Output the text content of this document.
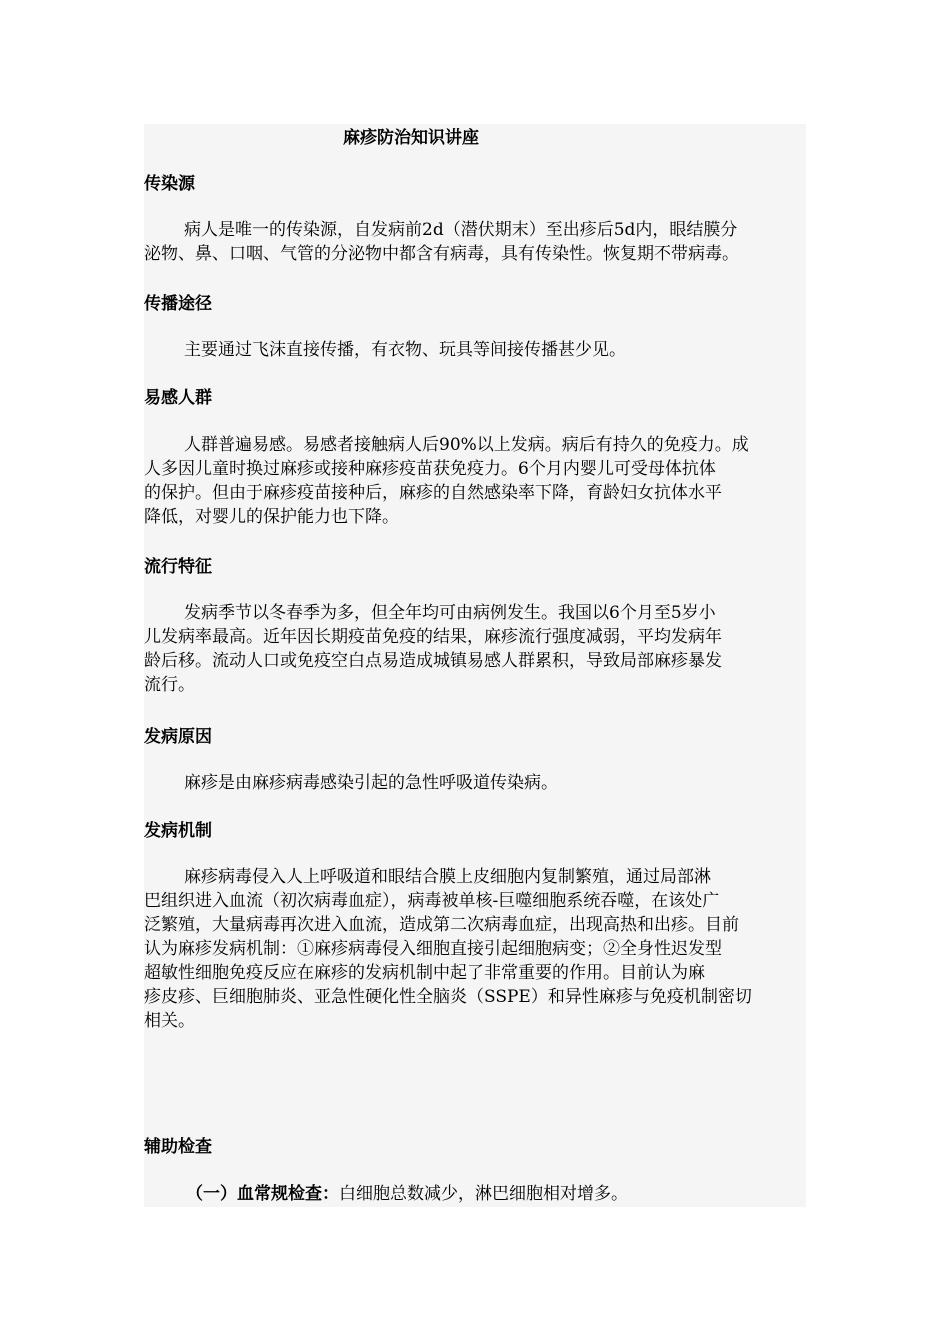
麻疹防治知识讲座
传染源
病人是唯一的传染源，自发病前2d（潜伏期末）至出疹后5d内，眼结膜分
泌物、鼻、口咽、气管的分泌物中都含有病毒，具有传染性。恢复期不带病毒。
传播途径
主要通过飞沫直接传播，有衣物、玩具等间接传播甚少见。
易感人群
人群普遍易感。易感者接触病人后90%以上发病。病后有持久的免疫力。成
人多因儿童时换过麻疹或接种麻疹疫苗获免疫力。6个月内婴儿可受母体抗体
的保护。但由于麻疹疫苗接种后，麻疹的自然感染率下降，育龄妇女抗体水平
降低，对婴儿的保护能力也下降。
流行特征
发病季节以冬春季为多，但全年均可由病例发生。我国以6个月至5岁小
儿发病率最高。近年因长期疫苗免疫的结果，麻疹流行强度减弱，平均发病年
龄后移。流动人口或免疫空白点易造成城镇易感人群累积，导致局部麻疹暴发
流行。
发病原因
麻疹是由麻疹病毒感染引起的急性呼吸道传染病。
发病机制
麻疹病毒侵入人上呼吸道和眼结合膜上皮细胞内复制繁殖，通过局部淋
巴组织进入血流（初次病毒血症），病毒被单核-巨噬细胞系统吞噬，在该处广
泛繁殖，大量病毒再次进入血流，造成第二次病毒血症，出现高热和出疹。目前
认为麻疹发病机制：①麻疹病毒侵入细胞直接引起细胞病变；②全身性迟发型
超敏性细胞免疫反应在麻疹的发病机制中起了非常重要的作用。目前认为麻
疹皮疹、巨细胞肺炎、亚急性硬化性全脑炎（SSPE）和异性麻疹与免疫机制密切
相关。
辅助检查
（一）血常规检查：白细胞总数减少，淋巴细胞相对增多。
